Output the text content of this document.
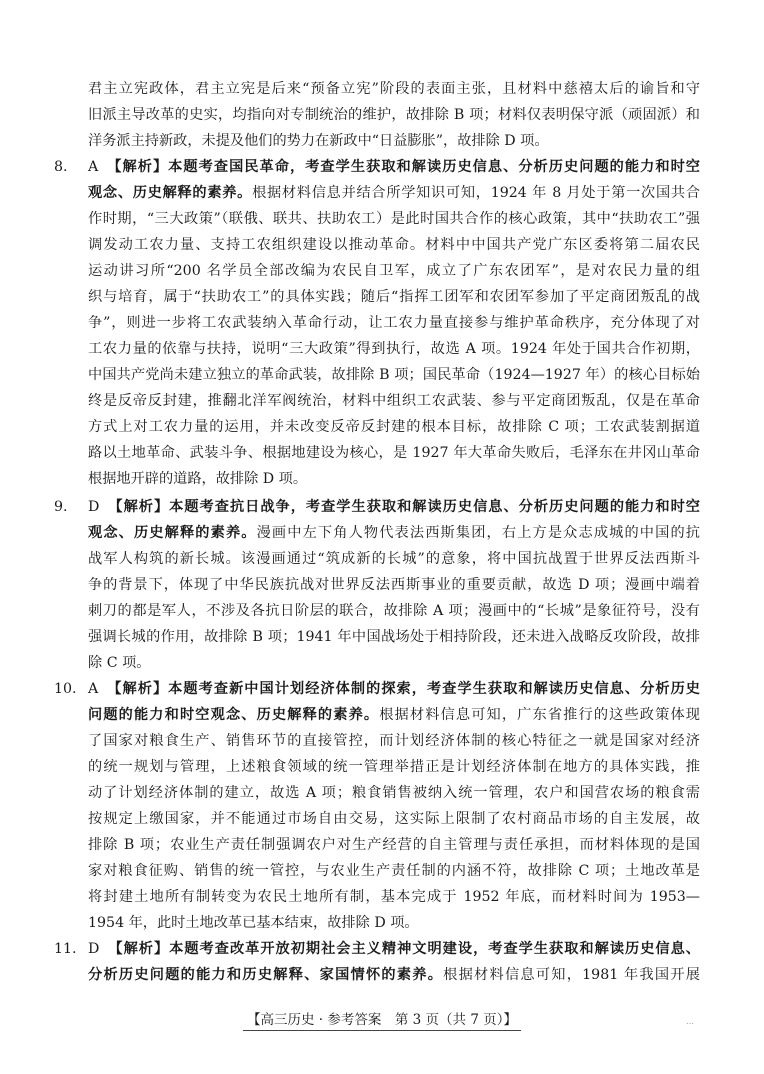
君主立宪政体，君主立宪是后来“预备立宪”阶段的表面主张，且材料中慈禧太后的谕旨和守
旧派主导改革的史实，均指向对专制统治的维护，故排除 B 项；材料仅表明保守派（顽固派）和
洋务派主持新政，未提及他们的势力在新政中“日益膨胀”，故排除 D 项。
8. A 【解析】本题考查国民革命，考查学生获取和解读历史信息、分析历史问题的能力和时空
观念、历史解释的素养。根据材料信息并结合所学知识可知，1924 年 8 月处于第一次国共合
作时期，“三大政策”（联俄、联共、扶助农工）是此时国共合作的核心政策，其中“扶助农工”强
调发动工农力量、支持工农组织建设以推动革命。材料中中国共产党广东区委将第二届农民
运动讲习所“200 名学员全部改编为农民自卫军，成立了广东农团军”，是对农民力量的组
织与培育，属于“扶助农工”的具体实践；随后“指挥工团军和农团军参加了平定商团叛乱的战
争”，则进一步将工农武装纳入革命行动，让工农力量直接参与维护革命秩序，充分体现了对
工农力量的依靠与扶持，说明“三大政策”得到执行，故选 A 项。1924 年处于国共合作初期，
中国共产党尚未建立独立的革命武装，故排除 B 项；国民革命（1924—1927 年）的核心目标始
终是反帝反封建，推翻北洋军阀统治，材料中组织工农武装、参与平定商团叛乱，仅是在革命
方式上对工农力量的运用，并未改变反帝反封建的根本目标，故排除 C 项；工农武装割据道
路以土地革命、武装斗争、根据地建设为核心，是 1927 年大革命失败后，毛泽东在井冈山革命
根据地开辟的道路，故排除 D 项。
9. D 【解析】本题考查抗日战争，考查学生获取和解读历史信息、分析历史问题的能力和时空
观念、历史解释的素养。漫画中左下角人物代表法西斯集团，右上方是众志成城的中国的抗
战军人构筑的新长城。该漫画通过“筑成新的长城”的意象，将中国抗战置于世界反法西斯斗
争的背景下，体现了中华民族抗战对世界反法西斯事业的重要贡献，故选 D 项；漫画中端着
刺刀的都是军人，不涉及各抗日阶层的联合，故排除 A 项；漫画中的“长城”是象征符号，没有
强调长城的作用，故排除 B 项；1941 年中国战场处于相持阶段，还未进入战略反攻阶段，故排
除 C 项。
10. A 【解析】本题考查新中国计划经济体制的探索，考查学生获取和解读历史信息、分析历史
问题的能力和时空观念、历史解释的素养。根据材料信息可知，广东省推行的这些政策体现
了国家对粮食生产、销售环节的直接管控，而计划经济体制的核心特征之一就是国家对经济
的统一规划与管理，上述粮食领域的统一管理举措正是计划经济体制在地方的具体实践，推
动了计划经济体制的建立，故选 A 项；粮食销售被纳入统一管理，农户和国营农场的粮食需
按规定上缴国家，并不能通过市场自由交易，这实际上限制了农村商品市场的自主发展，故
排除 B 项；农业生产责任制强调农户对生产经营的自主管理与责任承担，而材料体现的是国
家对粮食征购、销售的统一管控，与农业生产责任制的内涵不符，故排除 C 项；土地改革是
将封建土地所有制转变为农民土地所有制，基本完成于 1952 年底，而材料时间为 1953—
1954 年，此时土地改革已基本结束，故排除 D 项。
11. D 【解析】本题考查改革开放初期社会主义精神文明建设，考查学生获取和解读历史信息、
分析历史问题的能力和历史解释、家国情怀的素养。根据材料信息可知，1981 年我国开展
【高三历史 · 参考答案　第 3 页（共 7 页）】	…
